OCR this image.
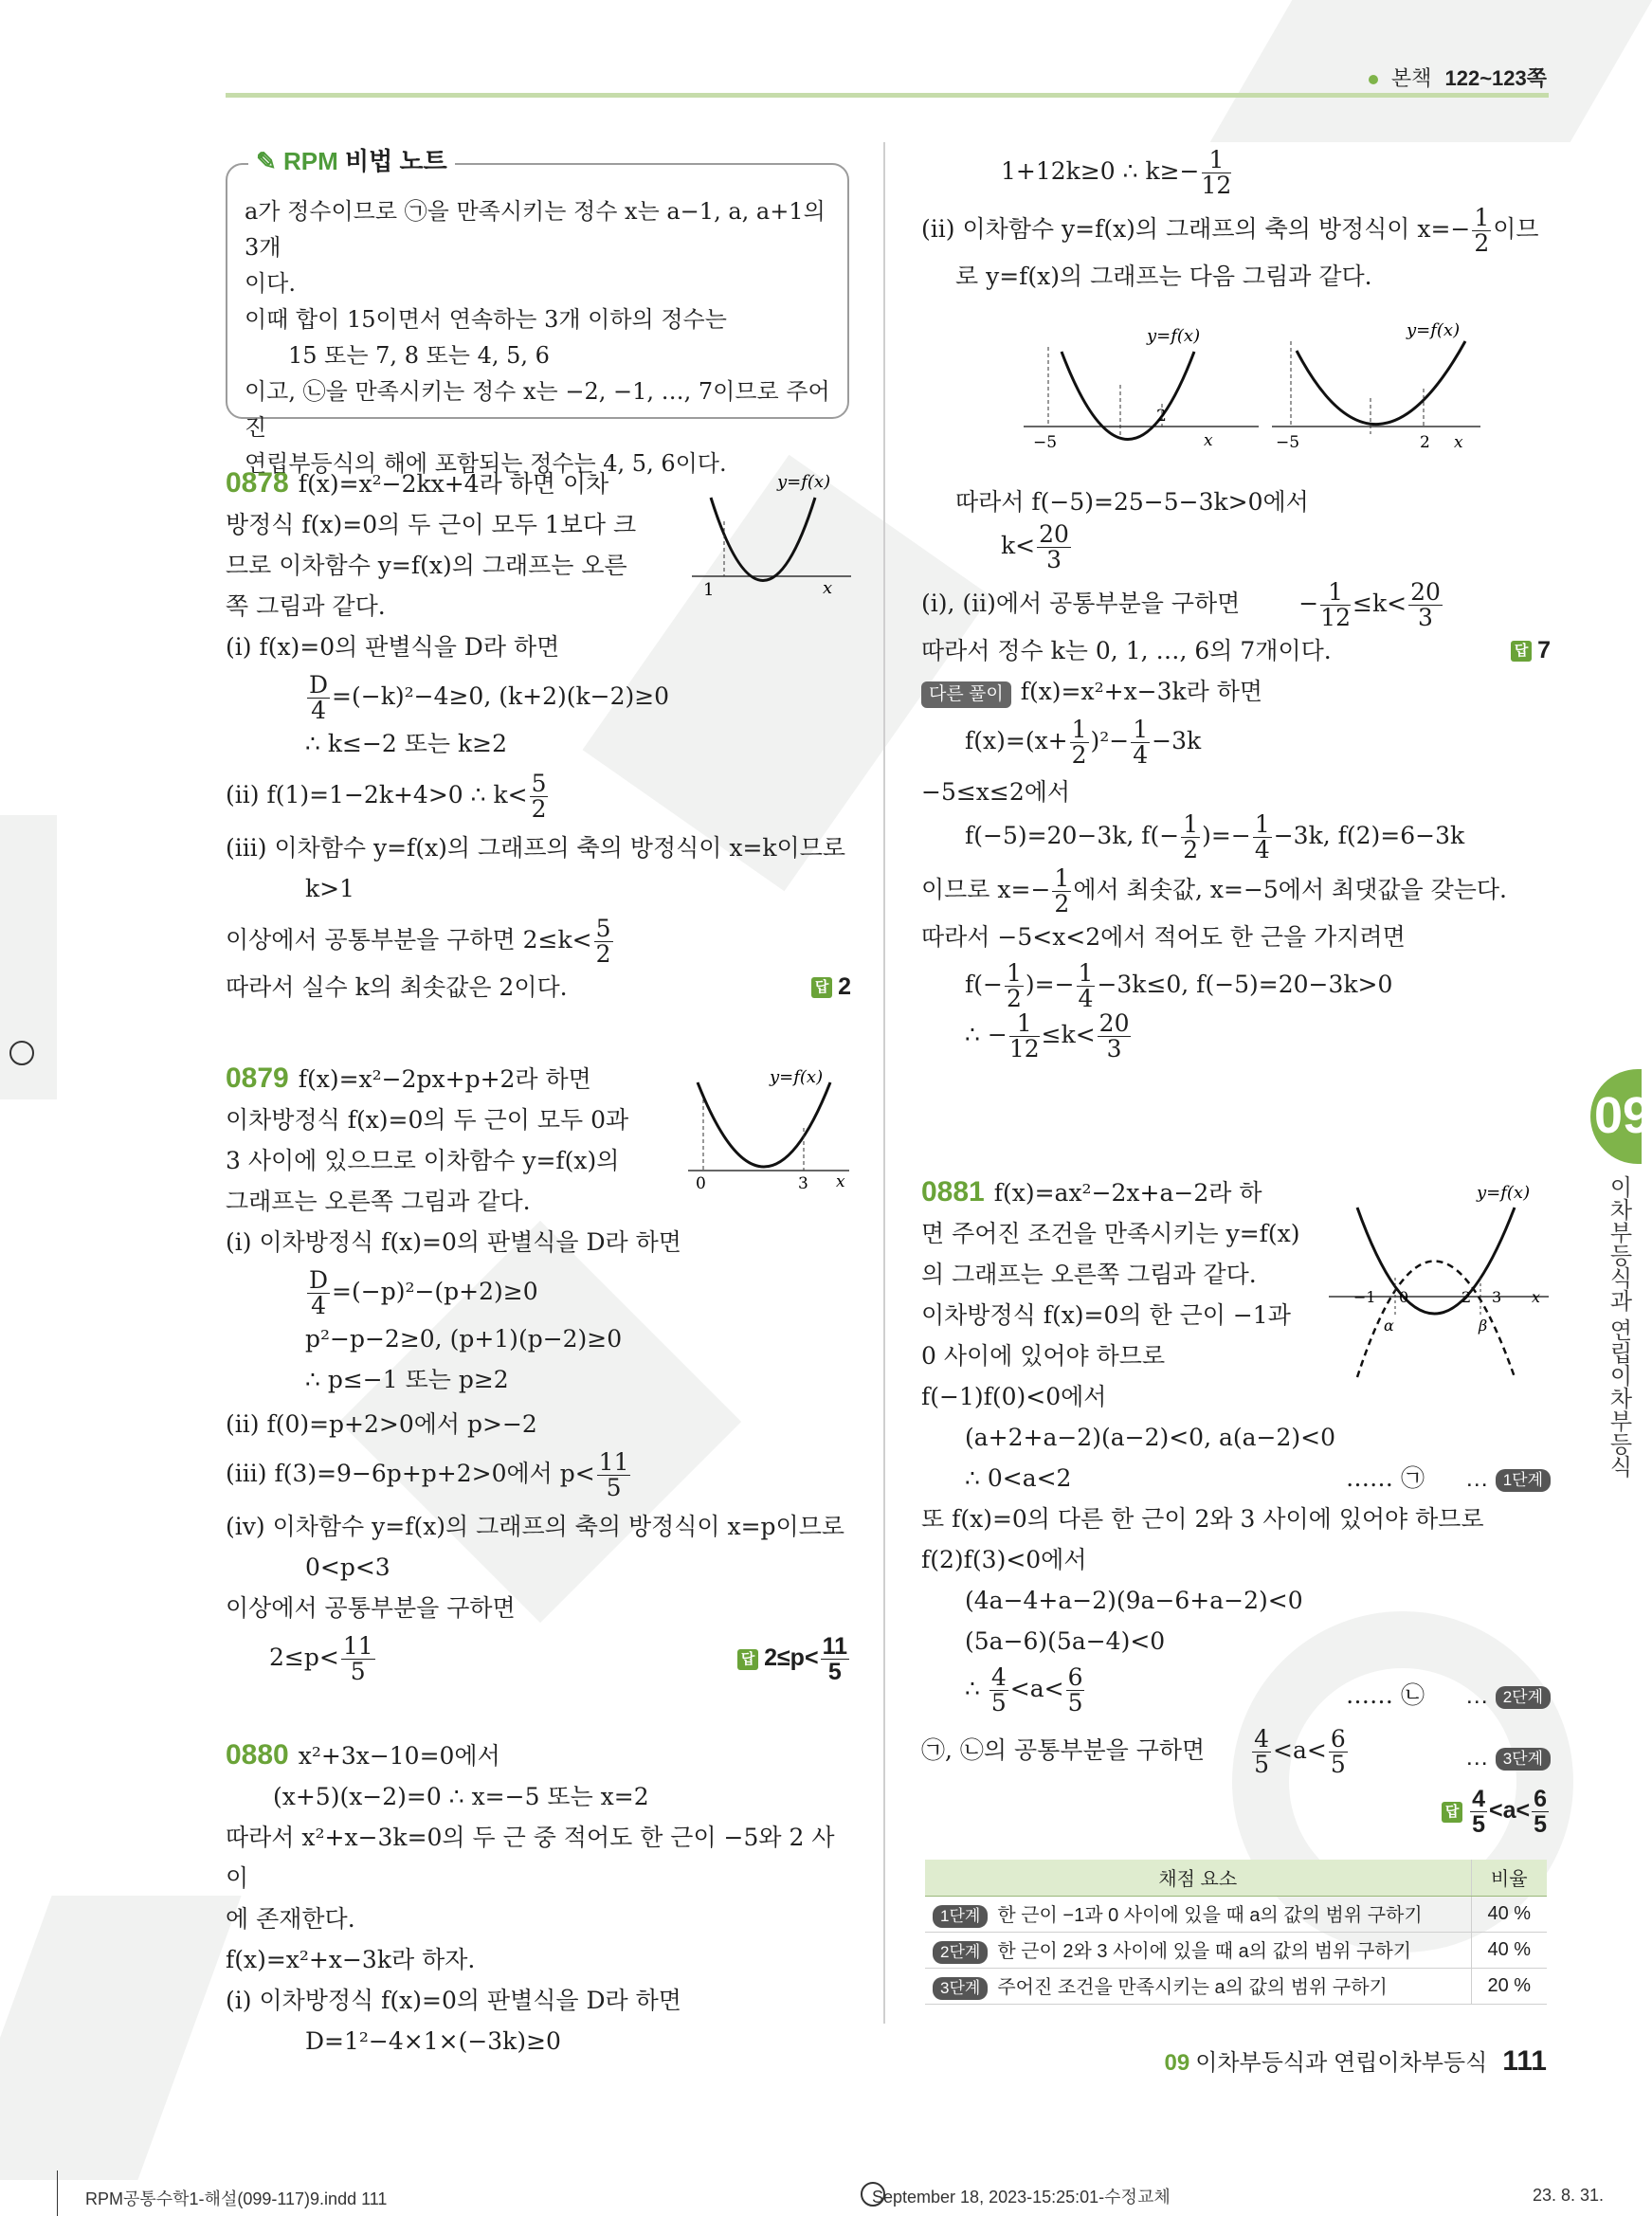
본책 122~123쪽
a가 정수이므로 ㉠을 만족시키는 정수 x는 a−1, a, a+1의 3개
이다.
이때 합이 15이면서 연속하는 3개 이하의 정수는
15 또는 7, 8 또는 4, 5, 6
이고, ㉡을 만족시키는 정수 x는 −2, −1, …, 7이므로 주어진
연립부등식의 해에 포함되는 정수는 4, 5, 6이다.
✎ RPM 비법 노트
0878 f(x)=x²−2kx+4라 하면 이차
방정식 f(x)=0의 두 근이 모두 1보다 크
므로 이차함수 y=f(x)의 그래프는 오른
쪽 그림과 같다.
(ⅰ) f(x)=0의 판별식을 D라 하면
$\frac{D}{4} =(-k)^2-4\ge 0$, (k+2)(k−2)≥0
∴ k≤−2 또는 k≥2
(ⅱ) f(1)=1−2k+4>0 ∴ $k< \frac{5}{2}$
(ⅲ) 이차함수 y=f(x)의 그래프의 축의 방정식이 x=k이므로
k>1
이상에서 공통부분을 구하면 $2\le k< \frac{5}{2}$
따라서 실수 k의 최솟값은 2이다.	답 2
y=f(x)
1	x
0879 f(x)=x²−2px+p+2라 하면
이차방정식 f(x)=0의 두 근이 모두 0과
3 사이에 있으므로 이차함수 y=f(x)의
그래프는 오른쪽 그림과 같다.
(ⅰ) 이차방정식 f(x)=0의 판별식을 D라 하면
$\frac{D}{4} =(-p)^2-(p+2)\ge 0$
p²−p−2≥0, (p+1)(p−2)≥0
∴ p≤−1 또는 p≥2
(ⅱ) f(0)=p+2>0에서 p>−2
(ⅲ) f(3)=9−6p+p+2>0에서 $p< \frac{11}{5}$
(ⅳ) 이차함수 y=f(x)의 그래프의 축의 방정식이 x=p이므로
0<p<3
이상에서 공통부분을 구하면
$2\le p< \frac{11}{5}$	답 $2\le p< \frac{11}{5}$
y=f(x)
0	3 x
0880 x²+3x−10=0에서
(x+5)(x−2)=0 ∴ x=−5 또는 x=2
따라서 x²+x−3k=0의 두 근 중 적어도 한 근이 −5와 2 사이
에 존재한다.
f(x)=x²+x−3k라 하자.
(ⅰ) 이차방정식 f(x)=0의 판별식을 D라 하면
D=1²−4×1×(−3k)≥0
1+12k≥0 ∴ $k\ge- \frac{1}{12}$
(ⅱ) 이차함수 y=f(x)의 그래프의 축의 방정식이 $x=- \frac{1}{2}$ 이므
로 y=f(x)의 그래프는 다음 그림과 같다.
y=f(x)
−5
2
x
y=f(x)
−5	2 x
따라서 f(−5)=25−5−3k>0에서
$k< \frac{20}{3}$
(ⅰ), (ⅱ)에서 공통부분을 구하면 − $\frac{1}{12} \le k< \frac{20}{3}$
따라서 정수 k는 0, 1, …, 6의 7개이다.	답 7
다른 풀이 f(x)=x²+x−3k라 하면
$f(x)=(x+ \frac{1}{2} )^2- \frac{1}{4} -3k$
−5≤x≤2에서
f(−5)=20−3k, $f(- \frac{1}{2}$ )=− $\frac{1}{4} -3k$, f(2)=6−3k
이므로 $x=- \frac{1}{2}$ 에서 최솟값, x=−5에서 최댓값을 갖는다.
따라서 −5<x<2에서 적어도 한 근을 가지려면
$f(- \frac{1}{2}$ )=− $\frac{1}{4} -3k\le 0$, f(−5)=20−3k>0
∴ − $\frac{1}{12} \le k< \frac{20}{3}$
0881 f(x)=ax²−2x+a−2라 하
면 주어진 조건을 만족시키는 y=f(x)
의 그래프는 오른쪽 그림과 같다.
이차방정식 f(x)=0의 한 근이 −1과
0 사이에 있어야 하므로
f(−1)f(0)<0에서
(a+2+a−2)(a−2)<0, a(a−2)<0
∴ 0<a<2	…… ㉠ … 1단계
또 f(x)=0의 다른 한 근이 2와 3 사이에 있어야 하므로
f(2)f(3)<0에서
(4a−4+a−2)(9a−6+a−2)<0
(5a−6)(5a−4)<0
∴ $\frac{4}{5} <a< \frac{6}{5}$	…… ㉡ … 2단계
㉠, ㉡의 공통부분을 구하면 $\frac{4}{5} <a< \frac{6}{5}$	… 3단계
답 $\frac{4}{5} <a< \frac{6}{5}$
y=f(x)
−1 0	2 3 x
α	β
채점 요소	비율
1단계 한 근이 −1과 0 사이에 있을 때 a의 값의 범위 구하기	40 %
2단계 한 근이 2와 3 사이에 있을 때 a의 값의 범위 구하기	40 %
3단계 주어진 조건을 만족시키는 a의 값의 범위 구하기	20 %
09
이차부등식과 연립이차부등식
09 이차부등식과 연립이차부등식 111
RPM공통수학1-해설(099-117)9.indd 111	September 18, 2023-15:25:01-수정교체	23. 8. 31.
